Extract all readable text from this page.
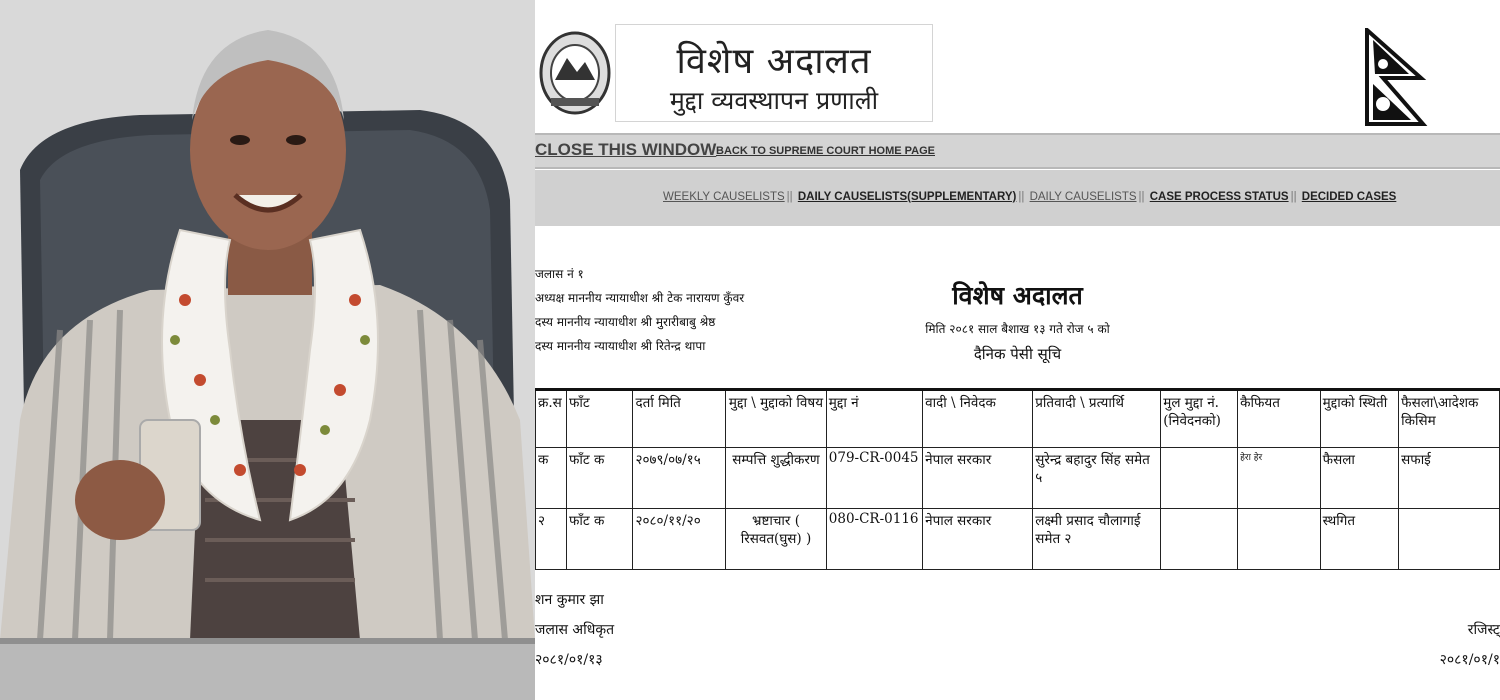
विशेष अदालत
मुद्दा व्यवस्थापन प्रणाली
CLOSE THIS WINDOW BACK TO SUPREME COURT HOME PAGE
WEEKLY CAUSELISTS || DAILY CAUSELISTS(SUPPLEMENTARY) || DAILY CAUSELISTS || CASE PROCESS STATUS || DECIDED CASES
जलास नं १
अध्यक्ष माननीय न्यायाधीश श्री टेक नारायण कुँवर
दस्य माननीय न्यायाधीश श्री मुरारीबाबु श्रेष्ठ
दस्य माननीय न्यायाधीश श्री रितेन्द्र थापा
विशेष अदालत
मिति २०८१ साल बैशाख १३ गते रोज ५ को
दैनिक पेसी सूचि
क्र.स	फाँट	दर्ता मिति	मुद्दा \ मुद्दाको विषय	मुद्दा नं	वादी \ निवेदक	प्रतिवादी \ प्रत्यार्थि	मुल मुद्दा नं. (निवेदनको)	कैफियत	मुद्दाको स्थिती	फैसला\आदेशक किसिम
क	फाँट क	२०७९/०७/१५	सम्पत्ति शुद्धीकरण	079-CR-0045	नेपाल सरकार	सुरेन्द्र बहादुर सिंह समेत ५		हेरा हेर	फैसला	सफाई
२	फाँट क	२०८०/११/२०	भ्रष्टाचार ( रिसवत(घुस) )	080-CR-0116	नेपाल सरकार	लक्ष्मी प्रसाद चौलागाई समेत २			स्थगित	
शन कुमार झा
जलास अधिकृत
२०८१/०१/१३
रजिस्ट्
२०८१/०१/१
